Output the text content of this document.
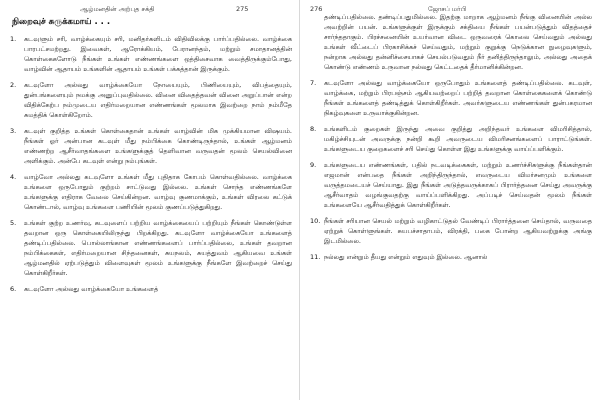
ஆழ்மனதின் அற்புத சக்தி	275
நிறைவுச் சுருக்கமாய் . . .
1.	கடவுளும் சரி, வாழ்க்கையும் சரி, மனிதர்களிடம் விதிவிலக்கு பார்ப்பதில்லை. வாழ்க்கை பாரபட்சமற்றது. இவைகள், ஆரோக்கியம், பேரானந்தம், மற்றும் சமாதானத்தின் கொள்கைகளோடு நீங்கள் உங்கள் எண்ணங்களை ஒத்திசைவாக வைத்திருக்கும்போது, வாழ்வின் ஆதாயம் உங்களின் ஆதாயம் உங்கள் பக்கத்தான் இருக்கும்.
2.	கடவுளோ அல்லது வாழ்க்கையோ நோயையும், பிணியையும், விபத்தையும், துன்பங்களையும் நமக்கு அனுப்புவதில்லை. வினை விதைத்தவன் வினை அறுப்பான் என்ற விதிக்கேற்ப நம்முடைய எதிர்மறையான எண்ணங்கள் மூலமாக இவற்றை நாம் நம்மீதே சுமத்திக் கொள்கிறோம்.
3.	கடவுள் குறித்த உங்கள் கொள்கைதான் உங்கள் வாழ்வின் மிக முக்கியமான விஷயம். நீங்கள் ஓர் அன்பான கடவுள் மீது நம்பிக்கை கொண்டிருந்தால், உங்கள் ஆழ்மனம் எண்ணற்ற ஆசீர்வாதங்களை உங்களுக்குத் தெளிவான வருவதன் மூலம் செயல்வினை அளிக்கும். அன்பே கடவுள் என்று நம்புங்கள்.
4.	வாழ்வோ அல்லது கடவுளோ உங்கள் மீது புதிதாக கோபம் கொள்வதில்லை. வாழ்க்கை உங்களை ஒருபோதும் குற்றம் சாட்டுவது இல்லை. உங்கள் சொந்த எண்ணங்களே உங்களுக்கு எதிராக வேலை செய்கின்றன. வாழ்வு குணமாக்கும், உங்கள் விரலை கட்டுக் கொண்டால், வாழ்வு உங்களை பணியின் மூலம் குணப்படுத்துகிறது.
5.	உங்கள் குற்ற உணர்வு, கடவுளைப் பற்றிய வாழ்க்கையைப் பற்றியும் நீங்கள் கொண்டுள்ள தவறான ஒரு கொள்கையிலிருந்து பிறக்கிறது. கடவுளோ வாழ்க்கையோ உங்களைத் தண்டிப்பதில்லை. பொல்லாங்கான எண்ணங்களைப் பார்ப்பதில்லை, உங்கள் தவறான நம்பிக்கைகள், எதிர்மறையான சிந்தனைகள், சுயநலம், சுயத்துவம் ஆகியவை உங்கள் ஆழ்மனதில் ஏற்படுத்தும் விளைவுகள் மூலம் உங்களுக்கு நீங்களே இவற்றைச் செய்து கொள்கிறீர்கள்.
6.	கடவுளோ அல்லது வாழ்க்கையோ உங்களைத்
276	ஜோசப் மர்பி
தண்டிப்பதில்லை. தண்டிப்பதுமில்லை. இதற்கு மாறாக ஆழ்மனம் நீங்கு வினையின் அல்ல அவற்றின் பயன். உங்களுக்குள் இருக்கும் சக்தியை நீங்கள் பயன்படுத்தும் விதத்தைச் சார்ந்ததாகும். பிரச்சனையின் உயர்வான விடை ஒருவரைக் கொலை செய்வதும் அல்லது உங்கள் வீட்டைப் பிரகாசிக்கச் செய்வதும், மற்றும் குறுக்கு நெடுக்கான நுழைவுகளும், நன்றாக அல்லது தன்னிச்சையாகச் செயல்படுவதும் நீர் தனித்திருந்தாலும், அல்லது அதைக் கொண்டு எண்ணம் உருவான நல்லது கெட்டதைக் தீர்மானிக்கின்றன.
7.	கடவுளோ அல்லது வாழ்க்கையோ ஒருபோதும் உங்களைத் தண்டிப்பதில்லை. கடவுள், வாழ்க்கை, மற்றும் பிரபஞ்சம் ஆகியவற்றைப் பற்றித் தவறான கொள்கைகளைக் கொண்டு நீங்கள் உங்களைத் தண்டித்துக் கொள்கிறீர்கள். அவர்களுடைய எண்ணங்கள் துன்பகரமான நிகழ்வுகளை உருவாக்குகின்றன.
8.	உங்களிடம் குறைகள் இருந்து அவை குறித்து அறிந்தவர் உங்களை விமரிசித்தால், மகிழ்ச்சியுடன் அவருக்கு நன்றி கூறி அவருடைய விமரிசனங்களைப் பாராட்டுங்கள். உங்களுடைய குறைகளைச் சரி செய்து கொள்ள இது உங்களுக்கு வாய்ப்பளிக்கும்.
9.	உங்களுடைய எண்ணங்கள், பதில் நடவடிக்கைகள், மற்றும் உணர்ச்சிகளுக்கு நீங்கள்தான் எஜமான் என்பதை நீங்கள் அறிந்திருந்தால், எவருடைய விமர்சனமும் உங்களை வருத்தமடையச் செய்யாது. இது நீங்கள் அடுத்தவருக்காகப் பிரார்த்தனை செய்து அவருக்கு ஆசீர்வாதம் வழங்குவதற்கு வாய்ப்பளிக்கிறது. அப்படிச் செய்வதன் மூலம் நீங்கள் உங்களையே ஆசீர்வதித்துக் கொள்கிறீர்கள்.
10. நீங்கள் சரியான செயல் மற்றும் வழிகாட்டுதல் வேண்டிப் பிரார்த்தனை செய்தால், வருவதை ஏற்றுக் கொள்ளுங்கள். சுயபச்சாதாபம், விரக்தி, பகை போன்ற ஆகியவற்றுக்கு அங்கு இடமில்லை.
11. நல்லது என்றும் தீயது என்றும் எதுவும் இல்லை. ஆனால்
